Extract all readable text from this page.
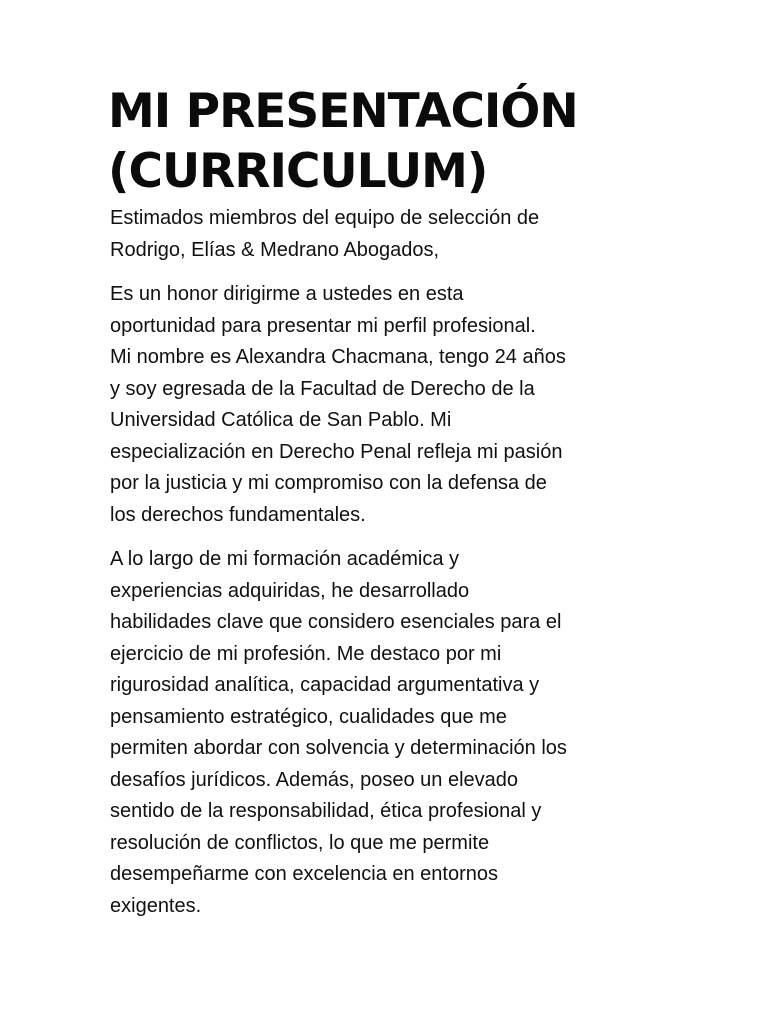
MI PRESENTACIÓN
(CURRICULUM)

Estimados miembros del equipo de selección de
Rodrigo, Elías & Medrano Abogados,

Es un honor dirigirme a ustedes en esta
oportunidad para presentar mi perfil profesional.
Mi nombre es Alexandra Chacmana, tengo 24 años
y soy egresada de la Facultad de Derecho de la
Universidad Católica de San Pablo. Mi
especialización en Derecho Penal refleja mi pasión
por la justicia y mi compromiso con la defensa de
los derechos fundamentales.

A lo largo de mi formación académica y
experiencias adquiridas, he desarrollado
habilidades clave que considero esenciales para el
ejercicio de mi profesión. Me destaco por mi
rigurosidad analítica, capacidad argumentativa y
pensamiento estratégico, cualidades que me
permiten abordar con solvencia y determinación los
desafíos jurídicos. Además, poseo un elevado
sentido de la responsabilidad, ética profesional y
resolución de conflictos, lo que me permite
desempeñarme con excelencia en entornos
exigentes.
